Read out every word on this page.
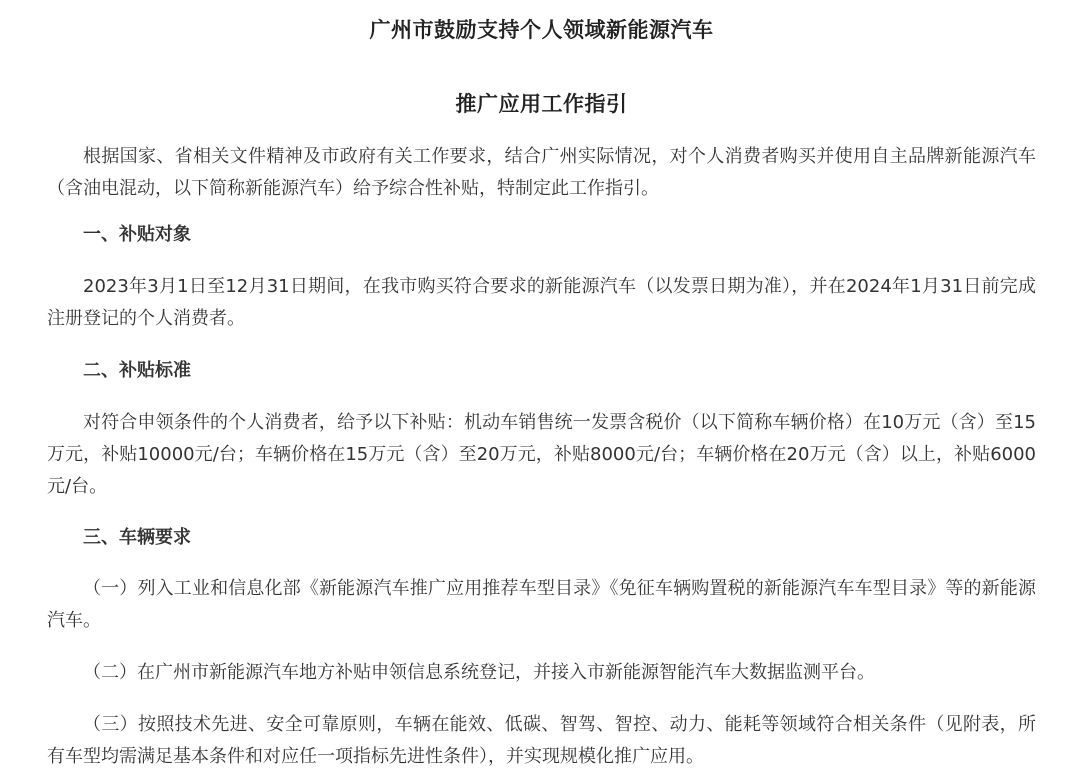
广州市鼓励支持个人领域新能源汽车
推广应用工作指引

根据国家、省相关文件精神及市政府有关工作要求，结合广州实际情况，对个人消费者购买并使用自主品牌新能源汽车（含油电混动，以下简称新能源汽车）给予综合性补贴，特制定此工作指引。

一、补贴对象

2023年3月1日至12月31日期间，在我市购买符合要求的新能源汽车（以发票日期为准），并在2024年1月31日前完成注册登记的个人消费者。

二、补贴标准

对符合申领条件的个人消费者，给予以下补贴：机动车销售统一发票含税价（以下简称车辆价格）在10万元（含）至15万元，补贴10000元/台；车辆价格在15万元（含）至20万元，补贴8000元/台；车辆价格在20万元（含）以上，补贴6000元/台。

三、车辆要求

（一）列入工业和信息化部《新能源汽车推广应用推荐车型目录》《免征车辆购置税的新能源汽车车型目录》等的新能源汽车。

（二）在广州市新能源汽车地方补贴申领信息系统登记，并接入市新能源智能汽车大数据监测平台。

（三）按照技术先进、安全可靠原则，车辆在能效、低碳、智驾、智控、动力、能耗等领域符合相关条件（见附表，所有车型均需满足基本条件和对应任一项指标先进性条件），并实现规模化推广应用。
